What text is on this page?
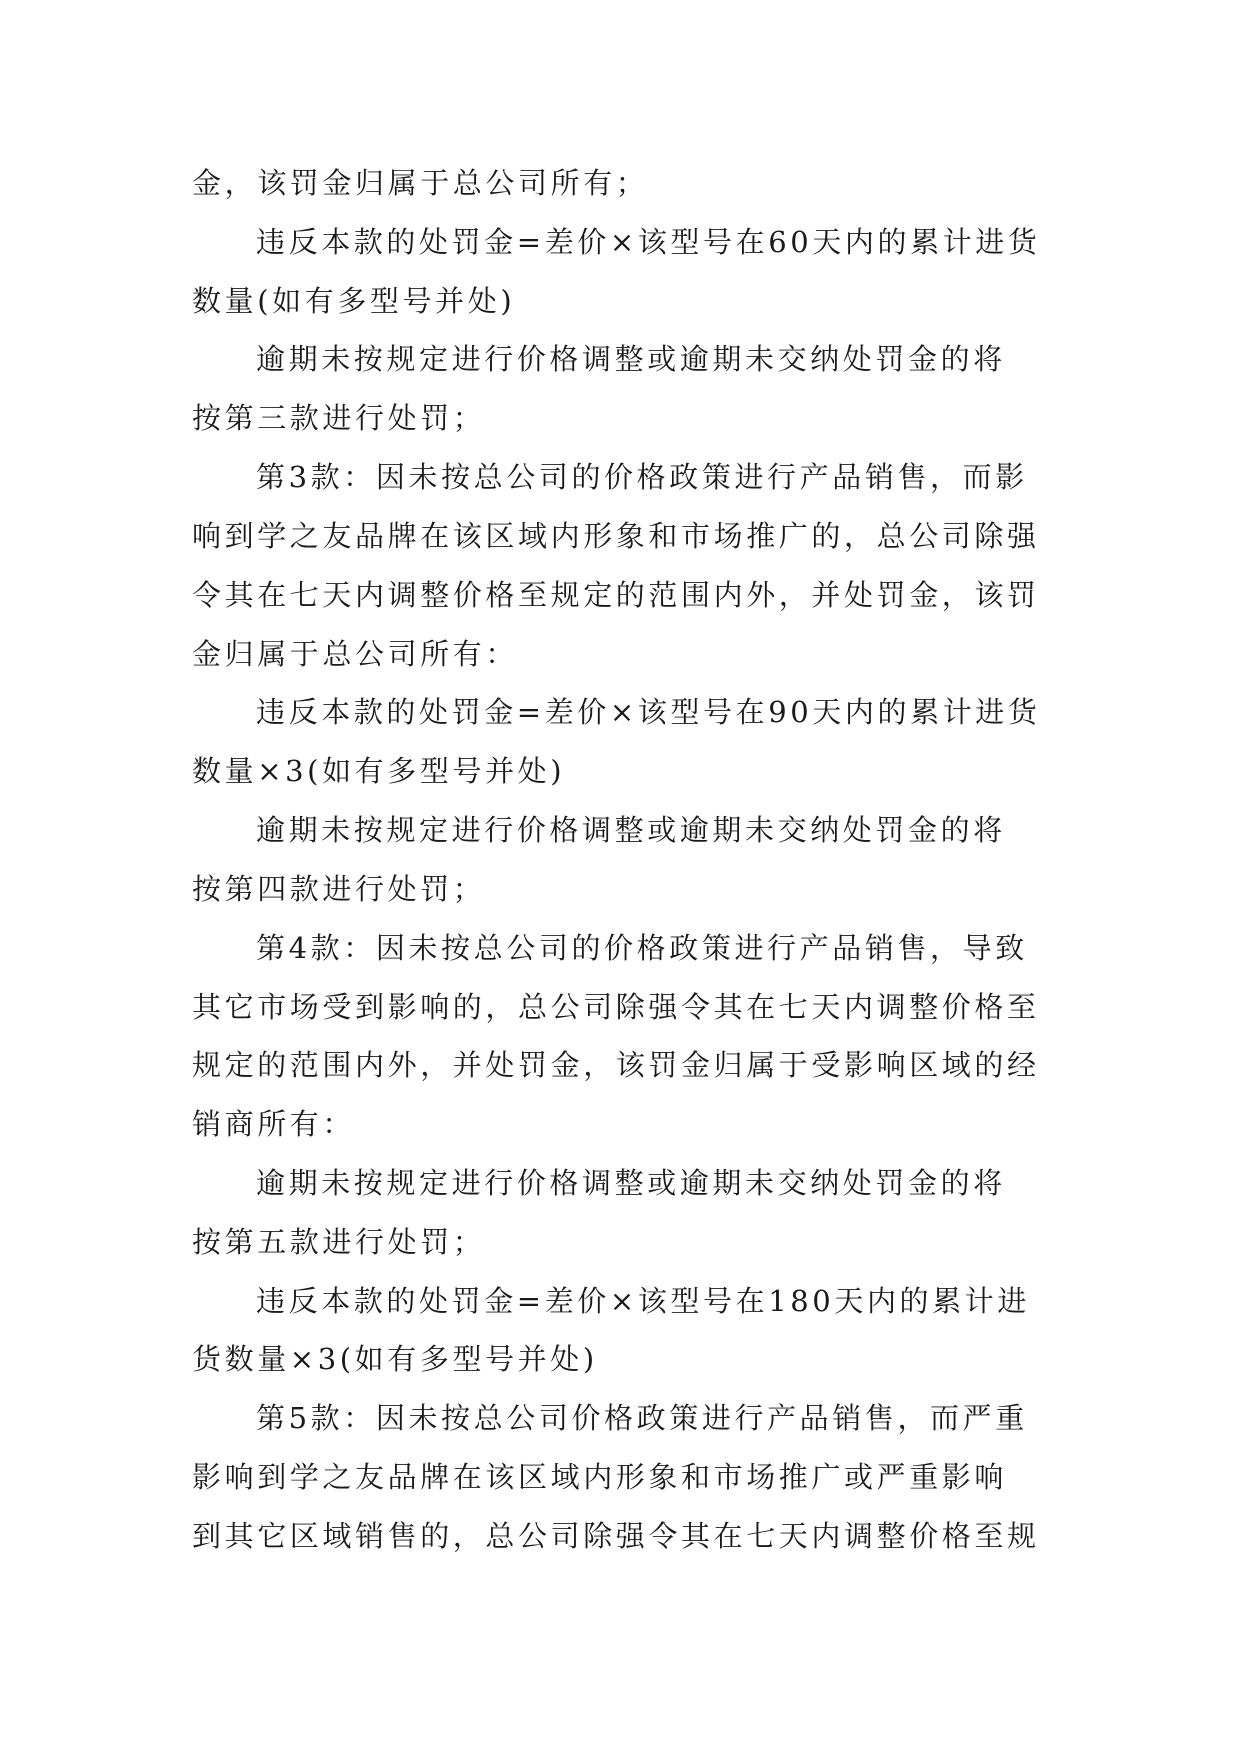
金，该罚金归属于总公司所有；
违反本款的处罚金=差价×该型号在60天内的累计进货
数量(如有多型号并处)
逾期未按规定进行价格调整或逾期未交纳处罚金的将
按第三款进行处罚；
第3款：因未按总公司的价格政策进行产品销售，而影
响到学之友品牌在该区域内形象和市场推广的，总公司除强
令其在七天内调整价格至规定的范围内外，并处罚金，该罚
金归属于总公司所有：
违反本款的处罚金=差价×该型号在90天内的累计进货
数量×3(如有多型号并处)
逾期未按规定进行价格调整或逾期未交纳处罚金的将
按第四款进行处罚；
第4款：因未按总公司的价格政策进行产品销售，导致
其它市场受到影响的，总公司除强令其在七天内调整价格至
规定的范围内外，并处罚金，该罚金归属于受影响区域的经
销商所有：
逾期未按规定进行价格调整或逾期未交纳处罚金的将
按第五款进行处罚；
违反本款的处罚金=差价×该型号在180天内的累计进
货数量×3(如有多型号并处)
第5款：因未按总公司价格政策进行产品销售，而严重
影响到学之友品牌在该区域内形象和市场推广或严重影响
到其它区域销售的，总公司除强令其在七天内调整价格至规
